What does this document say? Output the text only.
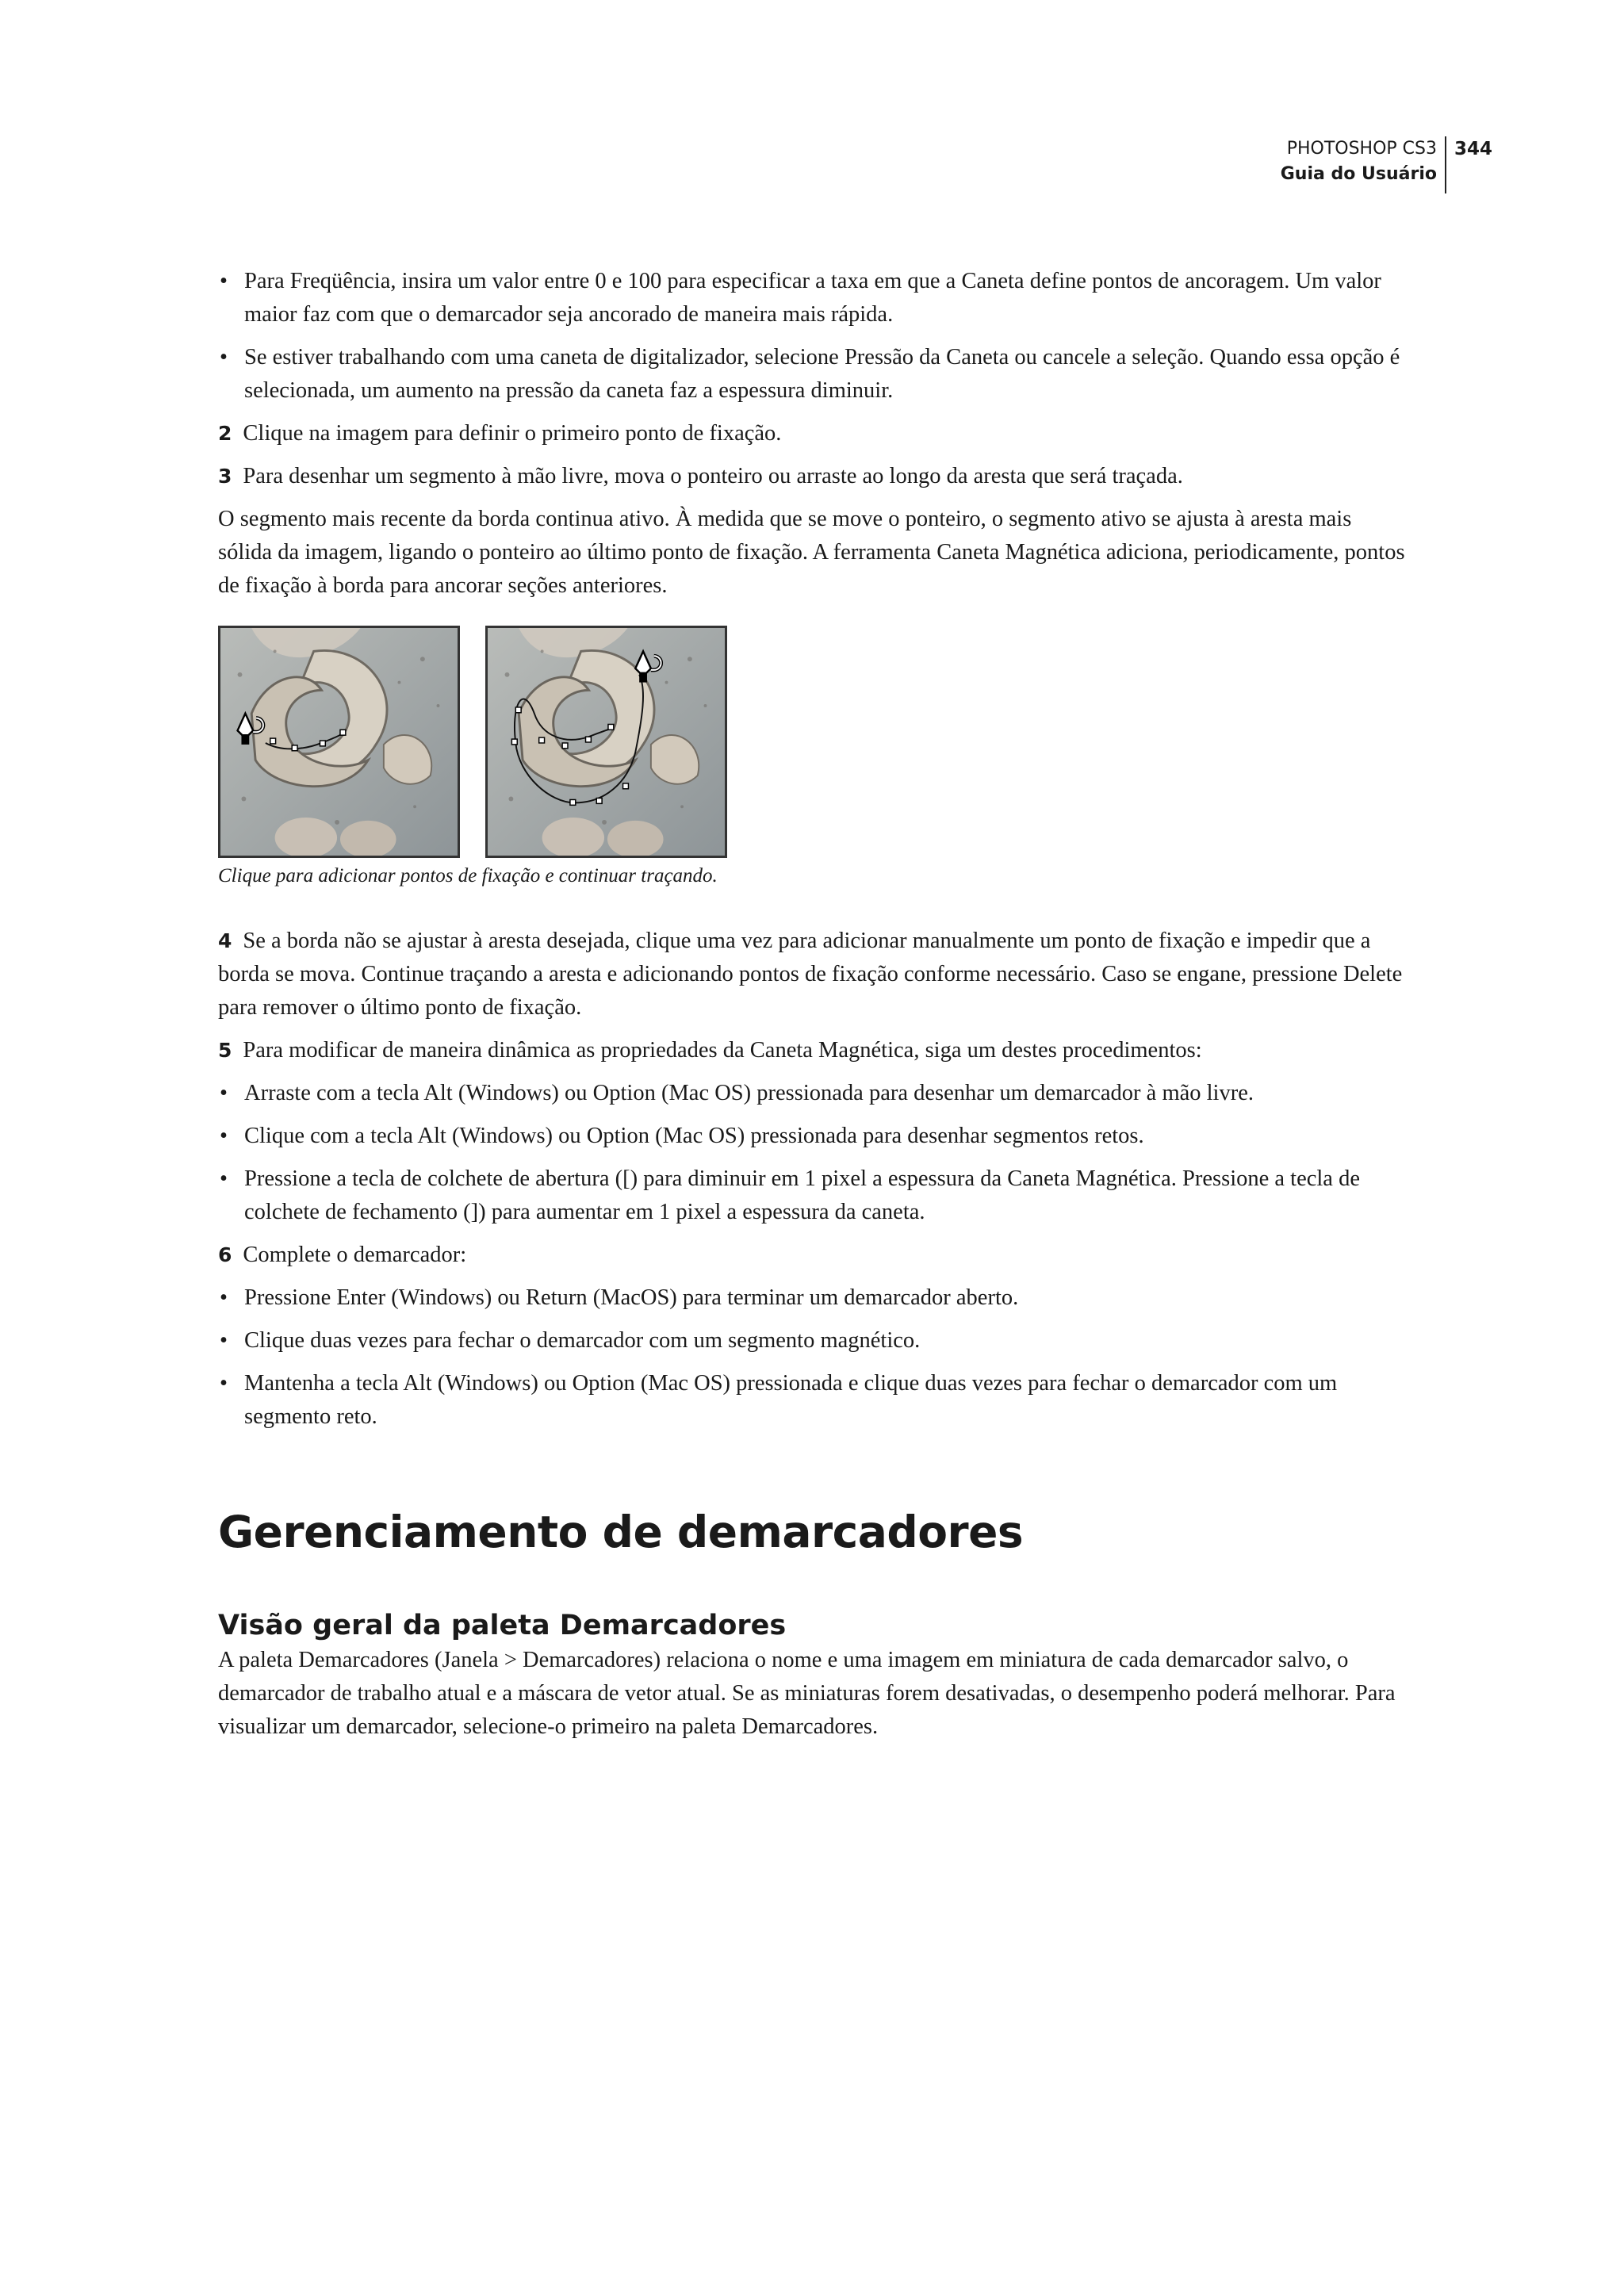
PHOTOSHOP CS3
Guia do Usuário
344
• Para Freqüência, insira um valor entre 0 e 100 para especificar a taxa em que a Caneta define pontos de ancoragem. Um valor maior faz com que o demarcador seja ancorado de maneira mais rápida.
• Se estiver trabalhando com uma caneta de digitalizador, selecione Pressão da Caneta ou cancele a seleção. Quando essa opção é selecionada, um aumento na pressão da caneta faz a espessura diminuir.
2 Clique na imagem para definir o primeiro ponto de fixação.
3 Para desenhar um segmento à mão livre, mova o ponteiro ou arraste ao longo da aresta que será traçada.
O segmento mais recente da borda continua ativo. À medida que se move o ponteiro, o segmento ativo se ajusta à aresta mais sólida da imagem, ligando o ponteiro ao último ponto de fixação. A ferramenta Caneta Magnética adiciona, periodicamente, pontos de fixação à borda para ancorar seções anteriores.
Clique para adicionar pontos de fixação e continuar traçando.
4 Se a borda não se ajustar à aresta desejada, clique uma vez para adicionar manualmente um ponto de fixação e impedir que a borda se mova. Continue traçando a aresta e adicionando pontos de fixação conforme necessário. Caso se engane, pressione Delete para remover o último ponto de fixação.
5 Para modificar de maneira dinâmica as propriedades da Caneta Magnética, siga um destes procedimentos:
• Arraste com a tecla Alt (Windows) ou Option (Mac OS) pressionada para desenhar um demarcador à mão livre.
• Clique com a tecla Alt (Windows) ou Option (Mac OS) pressionada para desenhar segmentos retos.
• Pressione a tecla de colchete de abertura ([) para diminuir em 1 pixel a espessura da Caneta Magnética. Pressione a tecla de colchete de fechamento (]) para aumentar em 1 pixel a espessura da caneta.
6 Complete o demarcador:
• Pressione Enter (Windows) ou Return (MacOS) para terminar um demarcador aberto.
• Clique duas vezes para fechar o demarcador com um segmento magnético.
• Mantenha a tecla Alt (Windows) ou Option (Mac OS) pressionada e clique duas vezes para fechar o demarcador com um segmento reto.
Gerenciamento de demarcadores
Visão geral da paleta Demarcadores
A paleta Demarcadores (Janela > Demarcadores) relaciona o nome e uma imagem em miniatura de cada demarcador salvo, o demarcador de trabalho atual e a máscara de vetor atual. Se as miniaturas forem desativadas, o desempenho poderá melhorar. Para visualizar um demarcador, selecione-o primeiro na paleta Demarcadores.
